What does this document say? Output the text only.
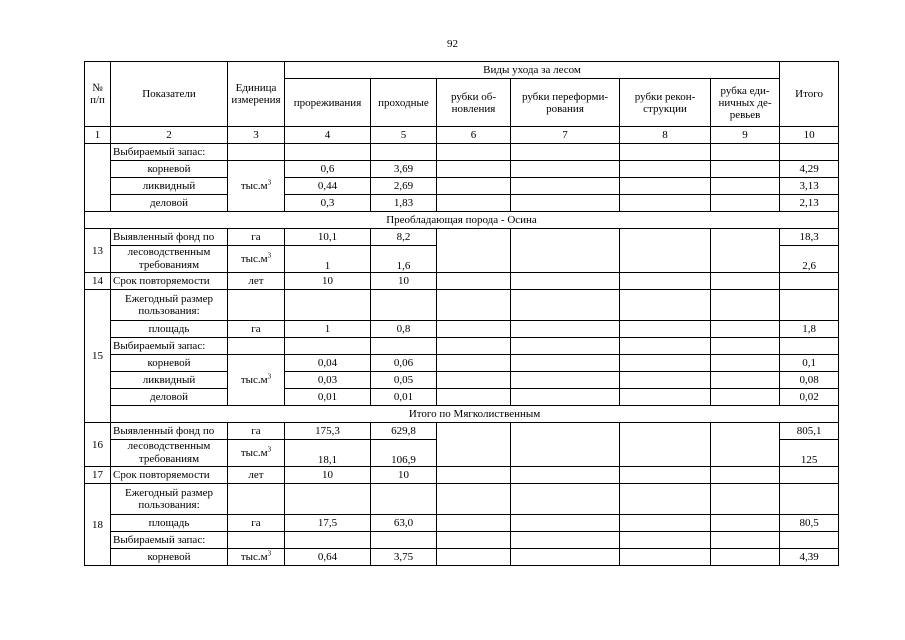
92
№ п/п	Показатели	Единица измерения	Виды ухода за лесом						Итого
			прореживания	проходные	рубки об-новления	рубки переформи-рования	рубки рекон-струкции	рубка еди-ничных де-ревьев	

1	2	3	4	5	6	7	8	9	10
	Выбираемый запас:								
	корневой	$тыс.м^3$	0,6	3,69					4,29
	ликвидный		0,44	2,69					3,13
	деловой		0,3	1,83					2,13
Преобладающая порода - Осина									
13	Выявленный фонд по	га	10,1	8,2					18,3
	лесоводственным	$тыс.м^3$	1	1,6					2,6
	требованиям								
14	Срок повторяемости	лет	10	10					
15	Ежегодный размер
пользования:								
	площадь	га	1	0,8					1,8
	Выбираемый запас:								
	корневой	$тыс.м^3$	0,04	0,06					0,1
	ликвидный		0,03	0,05					0,08
	деловой		0,01	0,01					0,02
	Итого по Мягколиственным								
16	Выявленный фонд по	га	175,3	629,8					805,1
	лесоводственным	$тыс.м^3$	18,1	106,9					125
	требованиям								
17	Срок повторяемости	лет	10	10					
18	Ежегодный размер
пользования:								
	площадь	га	17,5	63,0					80,5
	Выбираемый запас:								
	корневой	$тыс.м^3$	0,64	3,75					4,39
